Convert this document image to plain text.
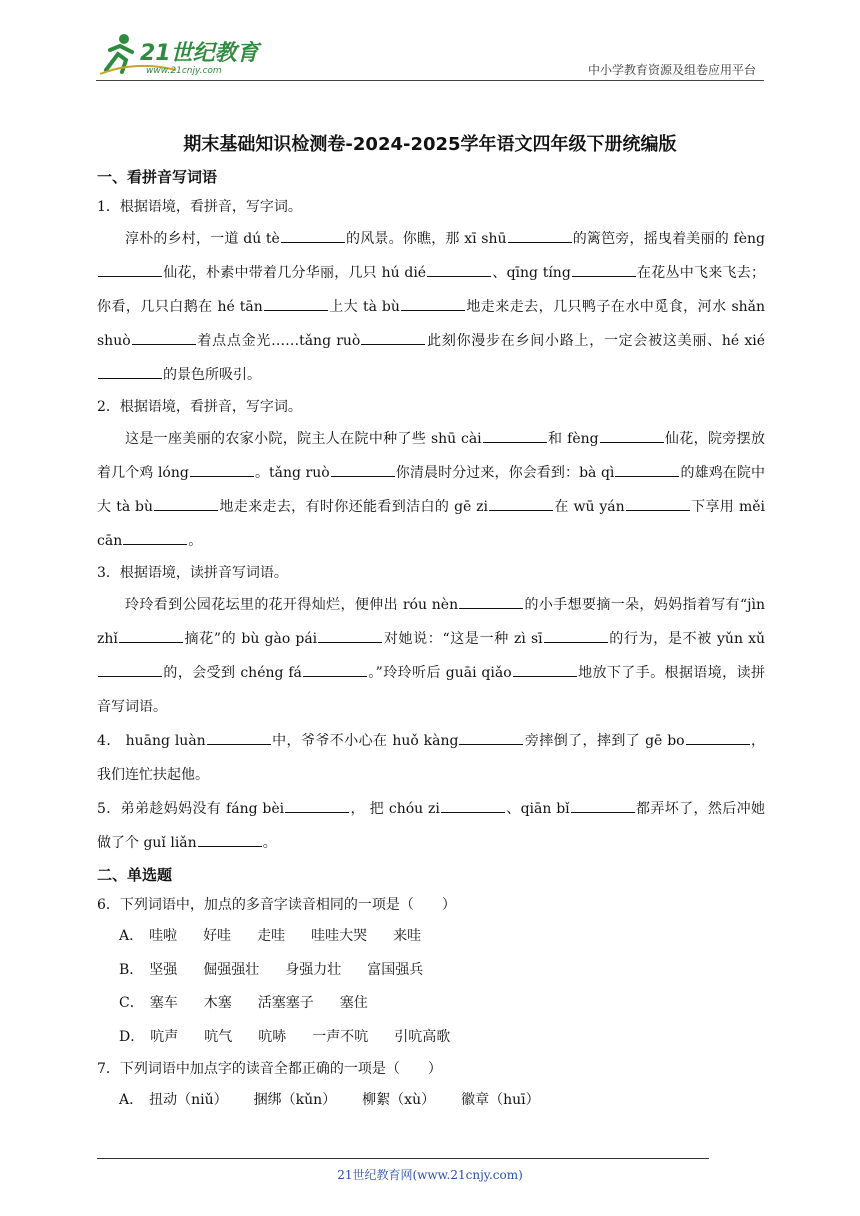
21世纪教育
www.21cnjy.com	中小学教育资源及组卷应用平台
期末基础知识检测卷-2024-2025学年语文四年级下册统编版

一、看拼音写词语

1．根据语境，看拼音，写字词。

淳朴的乡村，一道 dú tè	的风景。你瞧，那 xī shū	的篱笆旁，摇曳着美丽的 fèng仙花，朴素中带着几分华丽，几只 hú dié	、qīng tíng	在花丛中飞来飞去；你看，几只白鹅在 hé tān	上大 tà bù	地走来走去，几只鸭子在水中觅食，河水 shǎn shuò	着点点金光……tǎng ruò	此刻你漫步在乡间小路上，一定会被这美丽、hé xié的景色所吸引。

2．根据语境，看拼音，写字词。

这是一座美丽的农家小院，院主人在院中种了些 shū cài	和 fèng	仙花，院旁摆放着几个鸡 lóng	。tǎng ruò	你清晨时分过来，你会看到：bà qì	的雄鸡在院中大 tà bù	地走来走去，有时你还能看到洁白的 gē zi	在 wū yán	下享用 měi cān	。

3．根据语境，读拼音写词语。

玲玲看到公园花坛里的花开得灿烂，便伸出 róu nèn	的小手想要摘一朵，妈妈指着写有“jìn zhǐ	摘花”的 bù gào pái	对她说：“这是一种 zì sī	的行为，是不被 yǔn xǔ的，会受到 chéng fá	。”玲玲听后 guāi qiǎo	地放下了手。根据语境，读拼音写词语。

4． huāng luàn	中，爷爷不小心在 huǒ kàng	旁摔倒了，摔到了 gē bo	，我们连忙扶起他。

5．弟弟趁妈妈没有 fáng bèi	， 把 chóu zi	、qiān bǐ	都弄坏了，然后冲她做了个 guǐ liǎn	。

二、单选题

6．下列词语中，加点的多音字读音相同的一项是（　　）

A． 哇啦 好哇 走哇 哇哇大哭 来哇

B． 坚强 倔强强壮 身强力壮 富国强兵

C． 塞车 木塞 活塞塞子 塞住

D． 吭声 吭气 吭哧 一声不吭 引吭高歌

7．下列词语中加点字的读音全都正确的一项是（　　）

A． 扭动（niǔ） 捆绑（kǔn） 柳絮（xù） 徽章（huī）

21世纪教育网(www.21cnjy.com)
